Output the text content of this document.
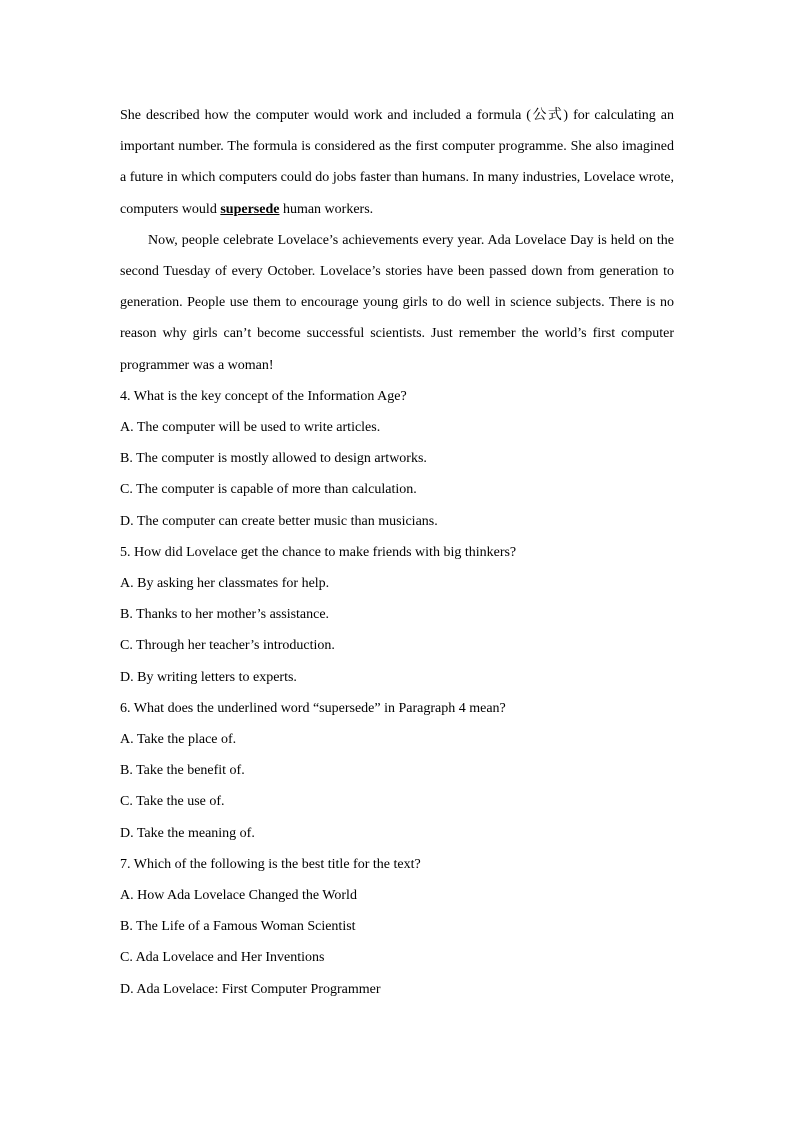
She described how the computer would work and included a formula (公式) for calculating an important number. The formula is considered as the first computer programme. She also imagined a future in which computers could do jobs faster than humans. In many industries, Lovelace wrote, computers would supersede human workers.

Now, people celebrate Lovelace’s achievements every year. Ada Lovelace Day is held on the second Tuesday of every October. Lovelace’s stories have been passed down from generation to generation. People use them to encourage young girls to do well in science subjects. There is no reason why girls can’t become successful scientists. Just remember the world’s first computer programmer was a woman!

4. What is the key concept of the Information Age?

A. The computer will be used to write articles.

B. The computer is mostly allowed to design artworks.

C. The computer is capable of more than calculation.

D. The computer can create better music than musicians.

5. How did Lovelace get the chance to make friends with big thinkers?

A. By asking her classmates for help.

B. Thanks to her mother’s assistance.

C. Through her teacher’s introduction.

D. By writing letters to experts.

6. What does the underlined word “supersede” in Paragraph 4 mean?

A. Take the place of.

B. Take the benefit of.

C. Take the use of.

D. Take the meaning of.

7. Which of the following is the best title for the text?

A. How Ada Lovelace Changed the World

B. The Life of a Famous Woman Scientist

C. Ada Lovelace and Her Inventions

D. Ada Lovelace: First Computer Programmer
